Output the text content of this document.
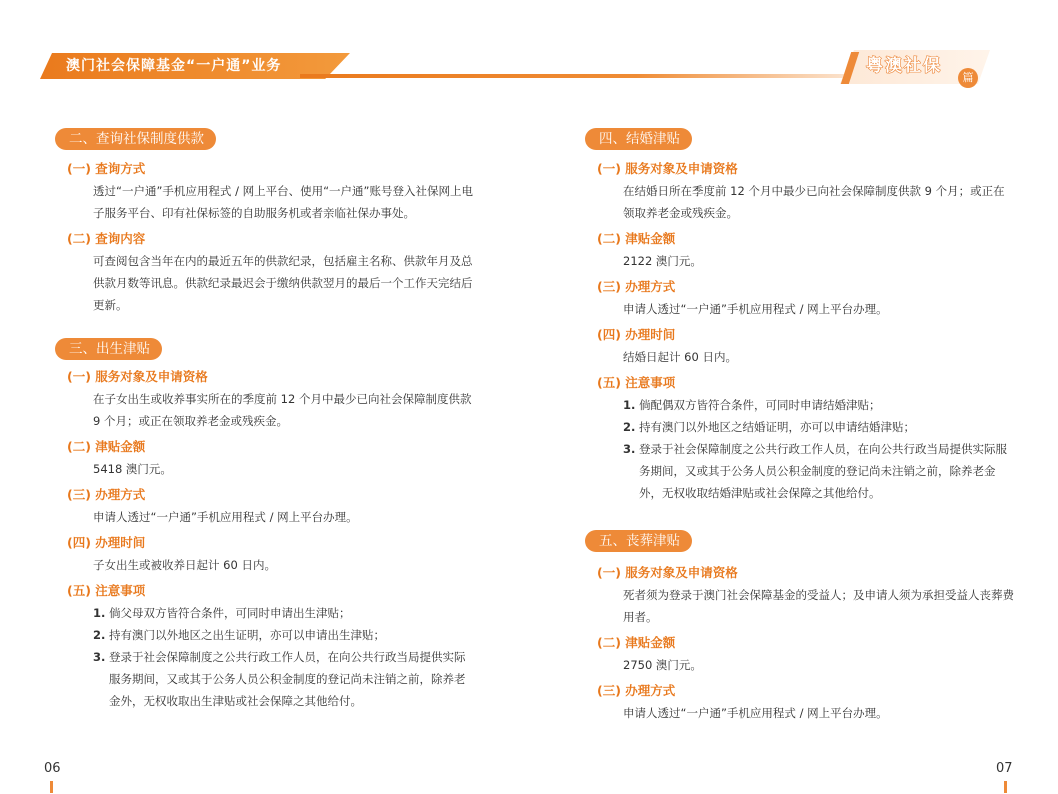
澳门社会保障基金“一户通”业务	粤澳社保
篇
二、查询社保制度供款
(一) 查询方式
透过“一户通”手机应用程式 / 网上平台、使用“一户通”账号登入社保网上电子服务平台、印有社保标签的自助服务机或者亲临社保办事处。
(二) 查询内容
可查阅包含当年在内的最近五年的供款纪录，包括雇主名称、供款年月及总供款月数等讯息。供款纪录最迟会于缴纳供款翌月的最后一个工作天完结后更新。
三、出生津贴
(一) 服务对象及申请资格
在子女出生或收养事实所在的季度前 12 个月中最少已向社会保障制度供款 9 个月；或正在领取养老金或残疾金。
(二) 津贴金额
5418 澳门元。
(三) 办理方式
申请人透过“一户通”手机应用程式 / 网上平台办理。
(四) 办理时间
子女出生或被收养日起计 60 日内。
(五) 注意事项
1. 倘父母双方皆符合条件，可同时申请出生津贴；
2. 持有澳门以外地区之出生证明，亦可以申请出生津贴；
3. 登录于社会保障制度之公共行政工作人员，在向公共行政当局提供实际服务期间，又或其于公务人员公积金制度的登记尚未注销之前，除养老金外，无权收取出生津贴或社会保障之其他给付。
四、结婚津贴
(一) 服务对象及申请资格
在结婚日所在季度前 12 个月中最少已向社会保障制度供款 9 个月；或正在领取养老金或残疾金。
(二) 津贴金额
2122 澳门元。
(三) 办理方式
申请人透过“一户通”手机应用程式 / 网上平台办理。
(四) 办理时间
结婚日起计 60 日内。
(五) 注意事项
1. 倘配偶双方皆符合条件，可同时申请结婚津贴；
2. 持有澳门以外地区之结婚证明，亦可以申请结婚津贴；
3. 登录于社会保障制度之公共行政工作人员，在向公共行政当局提供实际服务期间，又或其于公务人员公积金制度的登记尚未注销之前，除养老金外，无权收取结婚津贴或社会保障之其他给付。
五、丧葬津贴
(一) 服务对象及申请资格
死者须为登录于澳门社会保障基金的受益人；及申请人须为承担受益人丧葬费用者。
(二) 津贴金额
2750 澳门元。
(三) 办理方式
申请人透过“一户通”手机应用程式 / 网上平台办理。
06	07
